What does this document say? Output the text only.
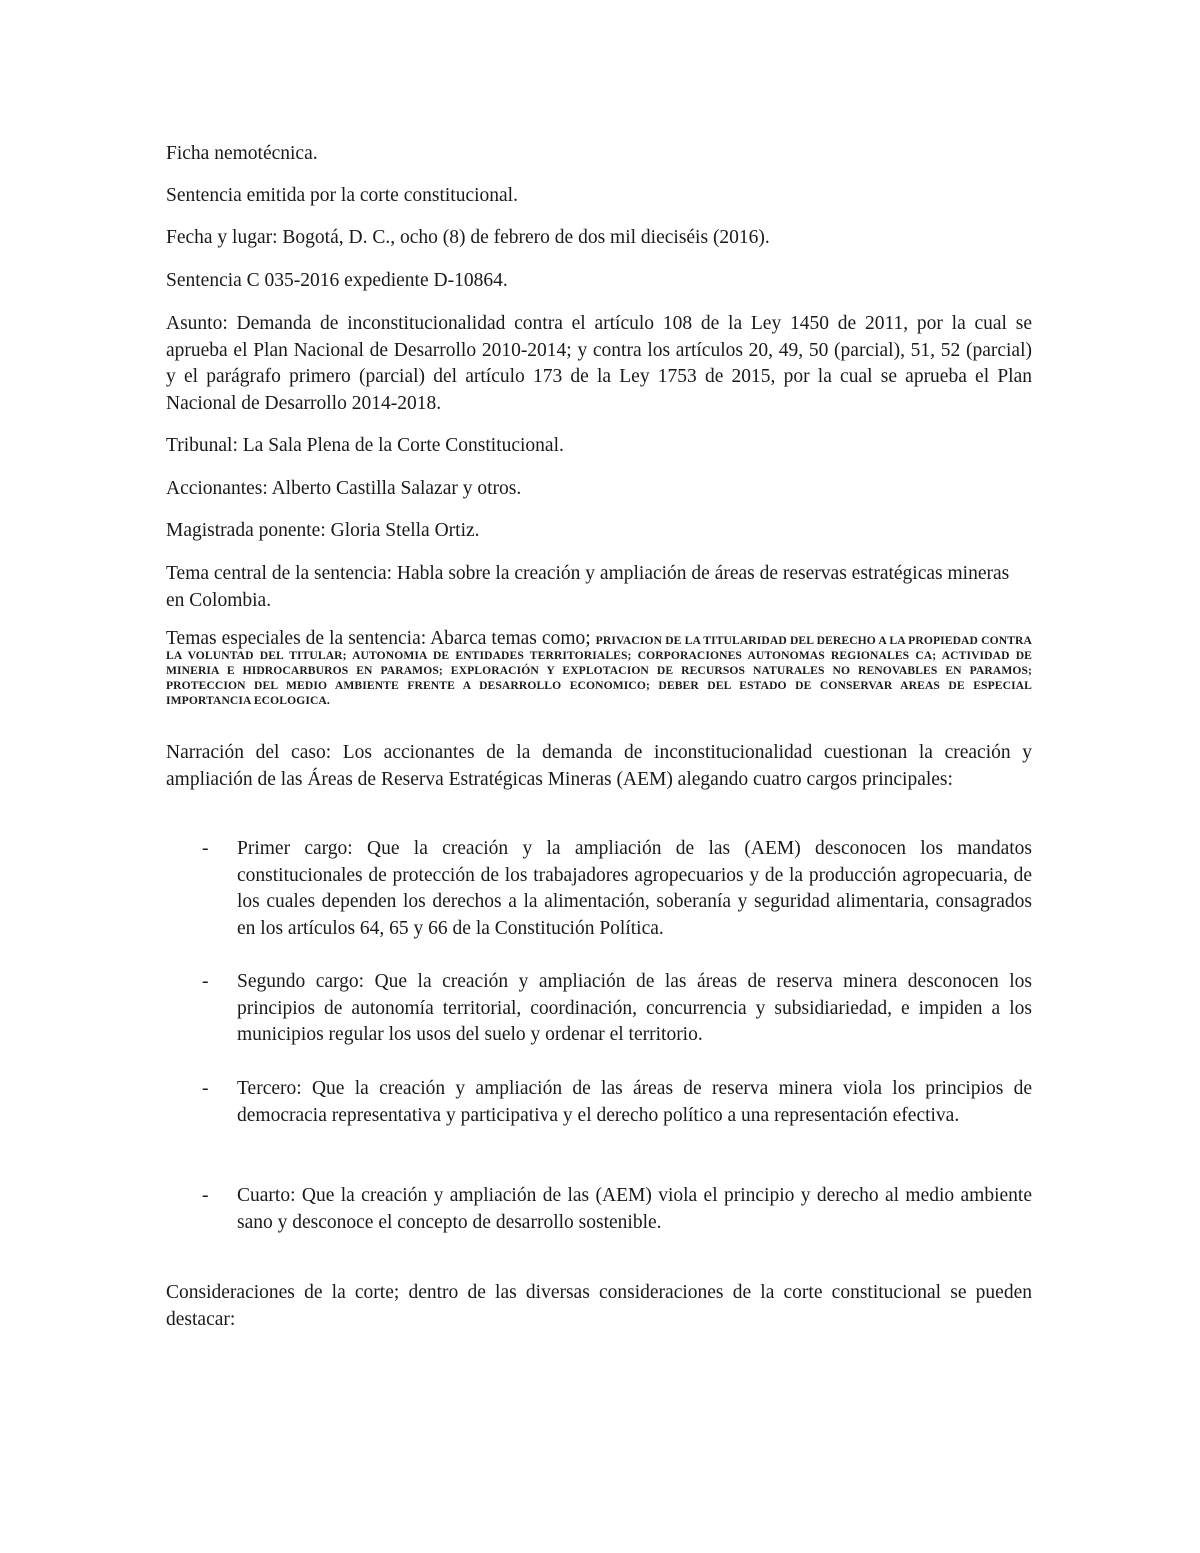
Ficha nemotécnica.

Sentencia emitida por la corte constitucional.

Fecha y lugar: Bogotá, D. C., ocho (8) de febrero de dos mil dieciséis (2016).

Sentencia C 035-2016 expediente D-10864.

Asunto: Demanda de inconstitucionalidad contra el artículo 108 de la Ley 1450 de 2011, por la cual se aprueba el Plan Nacional de Desarrollo 2010-2014; y contra los artículos 20, 49, 50 (parcial), 51, 52 (parcial) y el parágrafo primero (parcial) del artículo 173 de la Ley 1753 de 2015, por la cual se aprueba el Plan Nacional de Desarrollo 2014-2018.

Tribunal: La Sala Plena de la Corte Constitucional.

Accionantes: Alberto Castilla Salazar y otros.

Magistrada ponente: Gloria Stella Ortiz.

Tema central de la sentencia: Habla sobre la creación y ampliación de áreas de reservas estratégicas mineras en Colombia.

Temas especiales de la sentencia: Abarca temas como; PRIVACION DE LA TITULARIDAD DEL DERECHO A LA PROPIEDAD CONTRA LA VOLUNTAD DEL TITULAR; AUTONOMIA DE ENTIDADES TERRITORIALES; CORPORACIONES AUTONOMAS REGIONALES CA; ACTIVIDAD DE MINERIA E HIDROCARBUROS EN PARAMOS; EXPLORACIÓN Y EXPLOTACION DE RECURSOS NATURALES NO RENOVABLES EN PARAMOS; PROTECCION DEL MEDIO AMBIENTE FRENTE A DESARROLLO ECONOMICO; DEBER DEL ESTADO DE CONSERVAR AREAS DE ESPECIAL IMPORTANCIA ECOLOGICA.

Narración del caso: Los accionantes de la demanda de inconstitucionalidad cuestionan la creación y ampliación de las Áreas de Reserva Estratégicas Mineras (AEM) alegando cuatro cargos principales:

- Primer cargo: Que la creación y la ampliación de las (AEM) desconocen los mandatos constitucionales de protección de los trabajadores agropecuarios y de la producción agropecuaria, de los cuales dependen los derechos a la alimentación, soberanía y seguridad alimentaria, consagrados en los artículos 64, 65 y 66 de la Constitución Política.

- Segundo cargo: Que la creación y ampliación de las áreas de reserva minera desconocen los principios de autonomía territorial, coordinación, concurrencia y subsidiariedad, e impiden a los municipios regular los usos del suelo y ordenar el territorio.

- Tercero: Que la creación y ampliación de las áreas de reserva minera viola los principios de democracia representativa y participativa y el derecho político a una representación efectiva.

- Cuarto: Que la creación y ampliación de las (AEM) viola el principio y derecho al medio ambiente sano y desconoce el concepto de desarrollo sostenible.

Consideraciones de la corte; dentro de las diversas consideraciones de la corte constitucional se pueden destacar:
